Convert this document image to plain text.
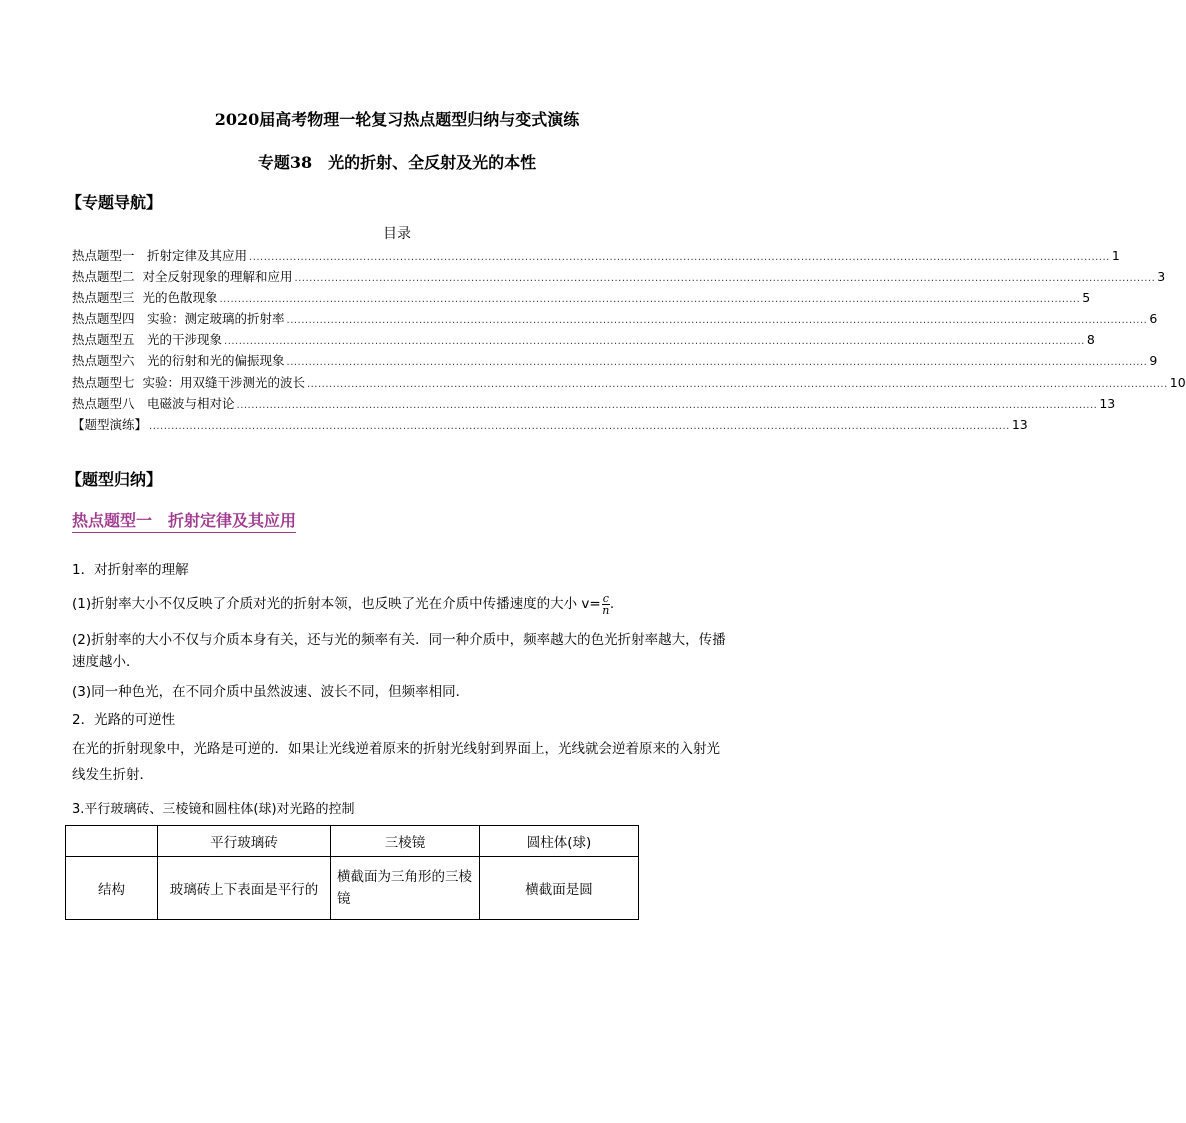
2020届高考物理一轮复习热点题型归纳与变式演练
专题38　光的折射、全反射及光的本性
【专题导航】
目录
热点题型一　折射定律及其应用 .......................................................................................................................................................................................................................................... 1
热点题型二  对全反射现象的理解和应用 .......................................................................................................................................................................................................................................... 3
热点题型三  光的色散现象 .......................................................................................................................................................................................................................................... 5
热点题型四　实验：测定玻璃的折射率 .......................................................................................................................................................................................................................................... 6
热点题型五　光的干涉现象 .......................................................................................................................................................................................................................................... 8
热点题型六　光的衍射和光的偏振现象 .......................................................................................................................................................................................................................................... 9
热点题型七  实验：用双缝干涉测光的波长 .......................................................................................................................................................................................................................................... 10
热点题型八　电磁波与相对论 .......................................................................................................................................................................................................................................... 13
【题型演练】 .......................................................................................................................................................................................................................................... 13
【题型归纳】
热点题型一　折射定律及其应用
1．对折射率的理解
(1)折射率大小不仅反映了介质对光的折射本领，也反映了光在介质中传播速度的大小 $v= \frac{c}{n}$ .
(2)折射率的大小不仅与介质本身有关，还与光的频率有关．同一种介质中，频率越大的色光折射率越大，传播速度越小．
(3)同一种色光，在不同介质中虽然波速、波长不同，但频率相同．
2．光路的可逆性
在光的折射现象中，光路是可逆的．如果让光线逆着原来的折射光线射到界面上，光线就会逆着原来的入射光线发生折射．
3.平行玻璃砖、三棱镜和圆柱体(球)对光路的控制
	平行玻璃砖	三棱镜	圆柱体(球)
结构	玻璃砖上下表面是平行的	横截面为三角形的三棱镜	横截面是圆
